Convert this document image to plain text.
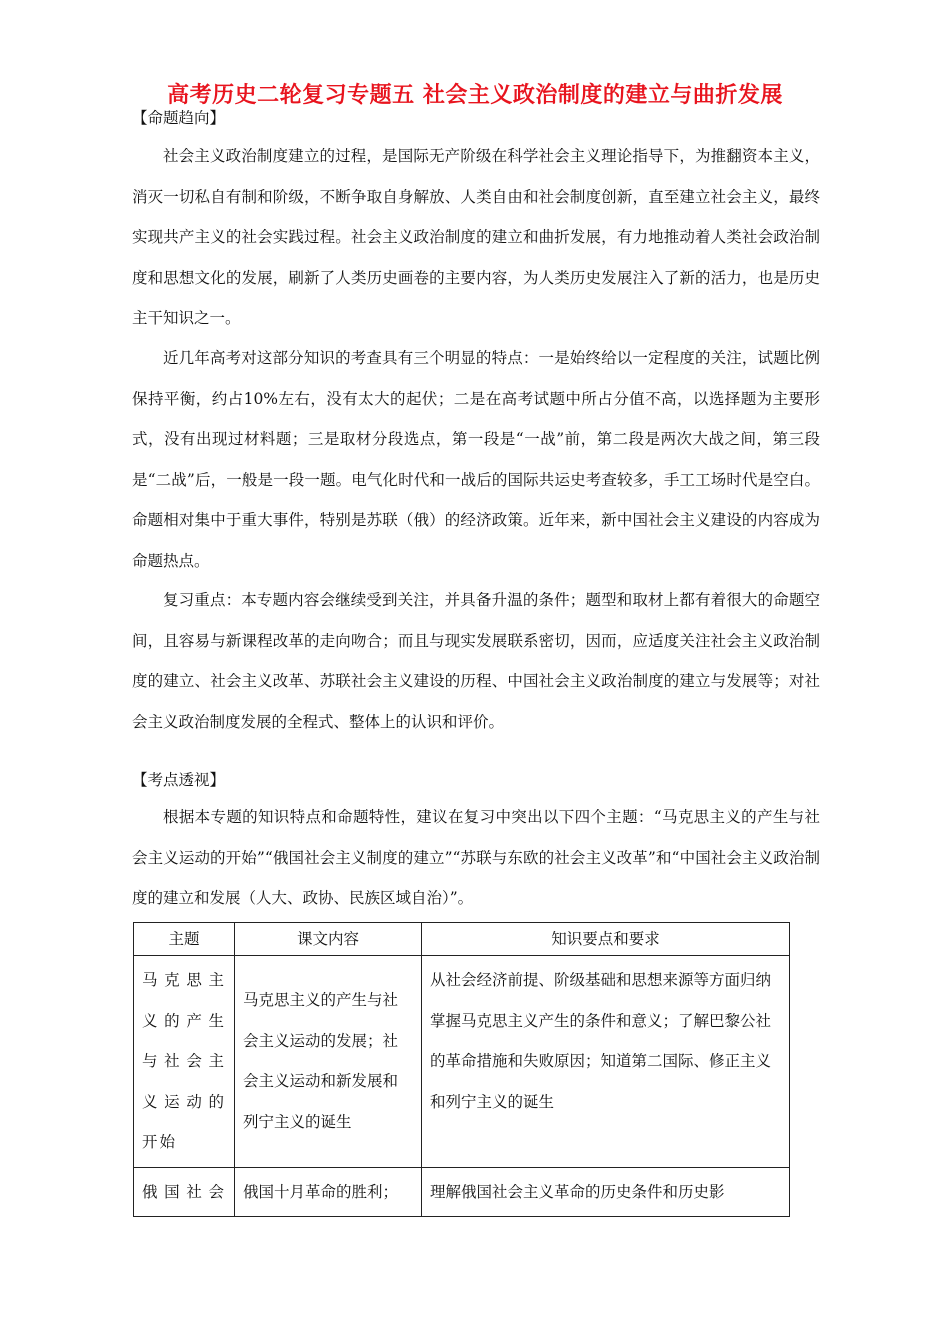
高考历史二轮复习专题五 社会主义政治制度的建立与曲折发展
【命题趋向】

社会主义政治制度建立的过程，是国际无产阶级在科学社会主义理论指导下，为推翻资本主义，消灭一切私自有制和阶级，不断争取自身解放、人类自由和社会制度创新，直至建立社会主义，最终实现共产主义的社会实践过程。社会主义政治制度的建立和曲折发展，有力地推动着人类社会政治制度和思想文化的发展，刷新了人类历史画卷的主要内容，为人类历史发展注入了新的活力，也是历史主干知识之一。

近几年高考对这部分知识的考查具有三个明显的特点：一是始终给以一定程度的关注，试题比例保持平衡，约占10%左右，没有太大的起伏；二是在高考试题中所占分值不高，以选择题为主要形式，没有出现过材料题；三是取材分段选点，第一段是“一战”前，第二段是两次大战之间，第三段是“二战”后，一般是一段一题。电气化时代和一战后的国际共运史考查较多，手工工场时代是空白。命题相对集中于重大事件，特别是苏联（俄）的经济政策。近年来，新中国社会主义建设的内容成为命题热点。

复习重点：本专题内容会继续受到关注，并具备升温的条件；题型和取材上都有着很大的命题空间，且容易与新课程改革的走向吻合；而且与现实发展联系密切，因而，应适度关注社会主义政治制度的建立、社会主义改革、苏联社会主义建设的历程、中国社会主义政治制度的建立与发展等；对社会主义政治制度发展的全程式、整体上的认识和评价。

【考点透视】

根据本专题的知识特点和命题特性，建议在复习中突出以下四个主题：“马克思主义的产生与社会主义运动的开始”“俄国社会主义制度的建立”“苏联与东欧的社会主义改革”和“中国社会主义政治制度的建立和发展（人大、政协、民族区域自治）”。

主题	课文内容	知识要点和要求
马克思主义的产生与社会主义运动的开始	马克思主义的产生与社会主义运动的发展；社会主义运动和新发展和列宁主义的诞生	从社会经济前提、阶级基础和思想来源等方面归纳掌握马克思主义产生的条件和意义；了解巴黎公社的革命措施和失败原因；知道第二国际、修正主义和列宁主义的诞生
俄国社会	俄国十月革命的胜利；	理解俄国社会主义革命的历史条件和历史影
